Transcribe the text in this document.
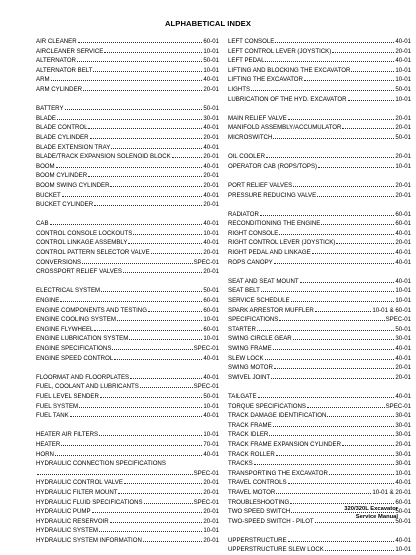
ALPHABETICAL INDEX
AIR CLEANER	60-01
AIRCLEANER SERVICE	10-01
ALTERNATOR	50-01
ALTERNATOR BELT	10-01
ARM	40-01
ARM CYLINDER	20-01
BATTERY	50-01
BLADE	30-01
BLADE CONTROL	40-01
BLADE CYLINDER	20-01
BLADE EXTENSION TRAY	40-01
BLADE/TRACK EXPANSION SOLENOID BLOCK	20-01
BOOM	40-01
BOOM CYLINDER	20-01
BOOM SWING CYLINDER	20-01
BUCKET	40-01
BUCKET CYLINDER	20-01
CAB	40-01
CONTROL CONSOLE LOCKOUTS	10-01
CONTROL LINKAGE ASSEMBLY	40-01
CONTROL PATTERN SELECTOR VALVE	20-01
CONVERSIONS	SPEC-01
CROSSPORT RELIEF VALVES	20-01
ELECTRICAL SYSTEM	50-01
ENGINE	60-01
ENGINE COMPONENTS AND TESTING	60-01
ENGINE COOLING SYSTEM	10-01
ENGINE FLYWHEEL	60-01
ENGINE LUBRICATION SYSTEM	10-01
ENGINE SPECIFICATIONS	SPEC-01
ENGINE SPEED CONTROL	40-01
FLOORMAT AND FLOORPLATES	40-01
FUEL, COOLANT AND LUBRICANTS	SPEC-01
FUEL LEVEL SENDER	50-01
FUEL SYSTEM	10-01
FUEL TANK	40-01
HEATER AIR FILTERS	10-01
HEATER	70-01
HORN	40-01
HYDRAULIC CONNECTION SPECIFICATIONS
SPEC-01
HYDRAULIC CONTROL VALVE	20-01
HYDRAULIC FILTER MOUNT	20-01
HYDRAULIC FLUID SPECIFICATIONS	SPEC-01
HYDRAULIC PUMP	20-01
HYDRAULIC RESERVOIR	20-01
HYDRAULIC SYSTEM	10-01
HYDRAULIC SYSTEM INFORMATION	20-01
LEFT CONSOLE	40-01
LEFT CONTROL LEVER (JOYSTICK)	20-01
LEFT PEDAL	40-01
LIFTING AND BLOCKING THE EXCAVATOR	10-01
LIFTING THE EXCAVATOR	10-01
LIGHTS	50-01
LUBRICATION OF THE HYD. EXCAVATOR	10-01
MAIN RELIEF VALVE	20-01
MANIFOLD ASSEMBLY/ACCUMULATOR	20-01
MICROSWITCH	50-01
OIL COOLER	20-01
OPERATOR CAB (ROPS/TOPS)	10-01
PORT RELIEF VALVES	20-01
PRESSURE REDUCING VALVE	20-01
RADIATOR	60-01
RECONDITIONING THE ENGINE	60-01
RIGHT CONSOLE	40-01
RIGHT CONTROL LEVER (JOYSTICK)	20-01
RIGHT PEDAL AND LINKAGE	40-01
ROPS CANOPY	40-01
SEAT AND SEAT MOUNT	40-01
SEAT BELT	10-01
SERVICE SCHEDULE	10-01
SPARK ARRESTOR MUFFLER	10-01 & 60-01
SPECIFICATIONS	SPEC-01
STARTER	50-01
SWING CIRCLE GEAR	30-01
SWING FRAME	40-01
SLEW LOCK	40-01
SWING MOTOR	20-01
SWIVEL JOINT	20-01
TAILGATE	40-01
TORQUE SPECIFICATIONS	SPEC-01
TRACK DAMAGE IDENTIFICATION	30-01
TRACK FRAME	30-01
TRACK IDLER	30-01
TRACK FRAME EXPANSION CYLINDER	20-01
TRACK ROLLER	30-01
TRACKS	30-01
TRANSPORTING THE EXCAVATOR	10-01
TRAVEL CONTROLS	40-01
TRAVEL MOTOR	10-01 & 20-01
TROUBLESHOOTING	60-01
TWO SPEED SWITCH	50-01
TWO-SPEED SWITCH - PILOT	50-01
UPPERSTRUCTURE	40-01
UPPERSTRUCTURE SLEW LOCK	10-01
320/320L Excavator
Service Manual
